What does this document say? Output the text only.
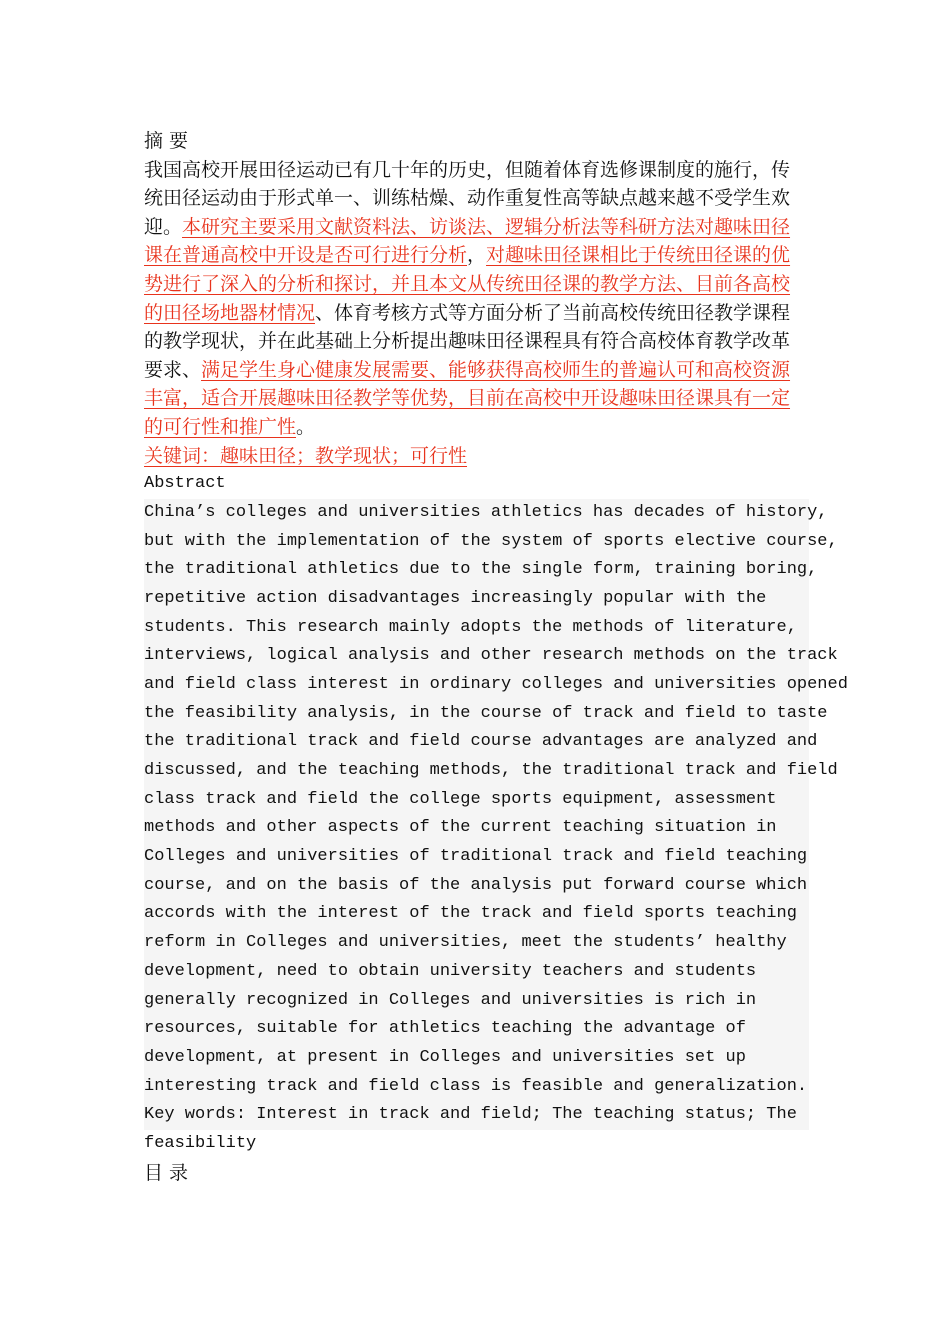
摘 要
我国高校开展田径运动已有几十年的历史，但随着体育选修课制度的施行，传
统田径运动由于形式单一、训练枯燥、动作重复性高等缺点越来越不受学生欢
迎。本研究主要采用文献资料法、访谈法、逻辑分析法等科研方法对趣味田径
课在普通高校中开设是否可行进行分析，对趣味田径课相比于传统田径课的优
势进行了深入的分析和探讨，并且本文从传统田径课的教学方法、目前各高校
的田径场地器材情况、体育考核方式等方面分析了当前高校传统田径教学课程
的教学现状，并在此基础上分析提出趣味田径课程具有符合高校体育教学改革
要求、满足学生身心健康发展需要、能够获得高校师生的普遍认可和高校资源
丰富，适合开展趣味田径教学等优势，目前在高校中开设趣味田径课具有一定
的可行性和推广性。
关键词：趣味田径；教学现状；可行性
Abstract
China’s colleges and universities athletics has decades of history,
but with the implementation of the system of sports elective course,
the traditional athletics due to the single form, training boring,
repetitive action disadvantages increasingly popular with the
students. This research mainly adopts the methods of literature,
interviews, logical analysis and other research methods on the track
and field class interest in ordinary colleges and universities opened
the feasibility analysis, in the course of track and field to taste
the traditional track and field course advantages are analyzed and
discussed, and the teaching methods, the traditional track and field
class track and field the college sports equipment, assessment
methods and other aspects of the current teaching situation in
Colleges and universities of traditional track and field teaching
course, and on the basis of the analysis put forward course which
accords with the interest of the track and field sports teaching
reform in Colleges and universities, meet the students’ healthy
development, need to obtain university teachers and students
generally recognized in Colleges and universities is rich in
resources, suitable for athletics teaching the advantage of
development, at present in Colleges and universities set up
interesting track and field class is feasible and generalization.
Key words: Interest in track and field; The teaching status; The
feasibility
目 录
